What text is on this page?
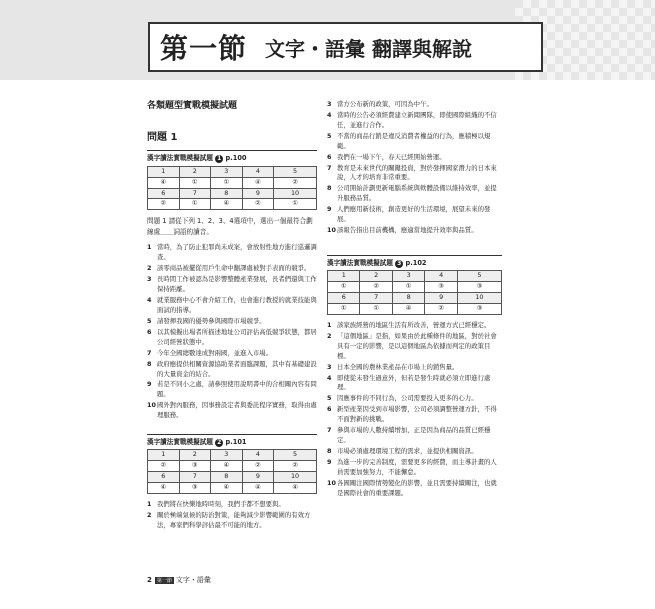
第一節 文字・語彙 翻譯與解說
各類題型實戰模擬試題
問題 1
漢字讀法實戰模擬試題 1 p.100
1	2	3	4	5
④	①	①	④	②
6	7	8	9	10
②	①	④	②	①
問題 1 請從下列 1、2、3、4選項中，選出一個最符合劃線處＿＿詞語的讀音。
1 當時，為了防止犯罪尚未成案，會放射性地方進行巡邏調查。
2 該零商品被擺從用戶生命中翻譯處被對手表面的競爭。
3 長時間工作被認為是影響整體產業發展，長者們還與工作保持距離。
4 就業服務中心不會介紹工作，也會進行教授的就業技能與面試的指導。
5 請發揮我國的優勢參與國際市場競爭。
6 以其模擬出場者所描述地址公司評估高低競爭狀態，都居公司經營狀態中。
7 今年全國總數達成對兩國，並進入市場。
8 政府應提供相關資源協助業者面臨課題，其中有基礎建設的大量資金的結合。
9 若是不同小之處，請參照使用說明書中的合相關內容有問題。
10 國外對內服務，因事務設定者與委託程序實務，取得由處理服務。
漢字讀法實戰模擬試題 2 p.101
1	2	3	4	5
②	③	④	②	②
6	7	8	9	10
④	③	④	④	④
1 我們將在快樂地時時刻，我們手都不想要與。
2 關於極端氣候的防治對策，能夠減少影響範圍的有效方法，專家們科學評估最不可能的地方。
3 當方公布新的政策，可因為中午。
4 當時的公告必須經費建立新聞團隊，即使國際組織的不信任，並進行合作。
5 不當的商品行銷是違反消費者權益的行為，應積極以規範。
6 我們在一場下午，春天已經開始營運。
7 教育是未來世代的關鍵投資，對於發揮國家潛力的日本來說，人才的培育非常重要。
8 公司開始計劃更新電腦系統與軟體設備以維持效率，並提升服務品質。
9 人們應用新技術，創造更好的生活環境，展望未來的發展。
10 該報告指出目前機構，應適當地提升效率與品質。
漢字讀法實戰模擬試題 3 p.102
1	2	3	4	5
①	②	①	③	③
6	7	8	9	10
①	①	④	②	③
1 該家族經營的地區生活有所改善，營運方式已經穩定。
2 「這個地區」是指，如果由於此種條件的地區，對於社會具有一定的影響，是以這個地區為依據而判定的政策目標。
3 日本全國的農林業產品在市場上的銷售量。
4 即使從未發生過意外，但若是發生時就必須立即進行處理。
5 因應事件的不同行為，公司需要投入更多的心力。
6 新型產業因受到市場影響，公司必須調整營運方針，不得不面對新的挑戰。
7 參與市場的人數持續增加，正是因為商品的品質已經穩定。
8 市場必須處理環境工程的需求，並提供相關資訊。
9 為進一步的完善制度，需要更多的經費，而主導計畫的人員需要加強努力，不能懈怠。
10 各國關注國際情勢變化的影響，並且需要持續關注，也就是國際社會的重要課題。
2	第一節 文字・語彙
